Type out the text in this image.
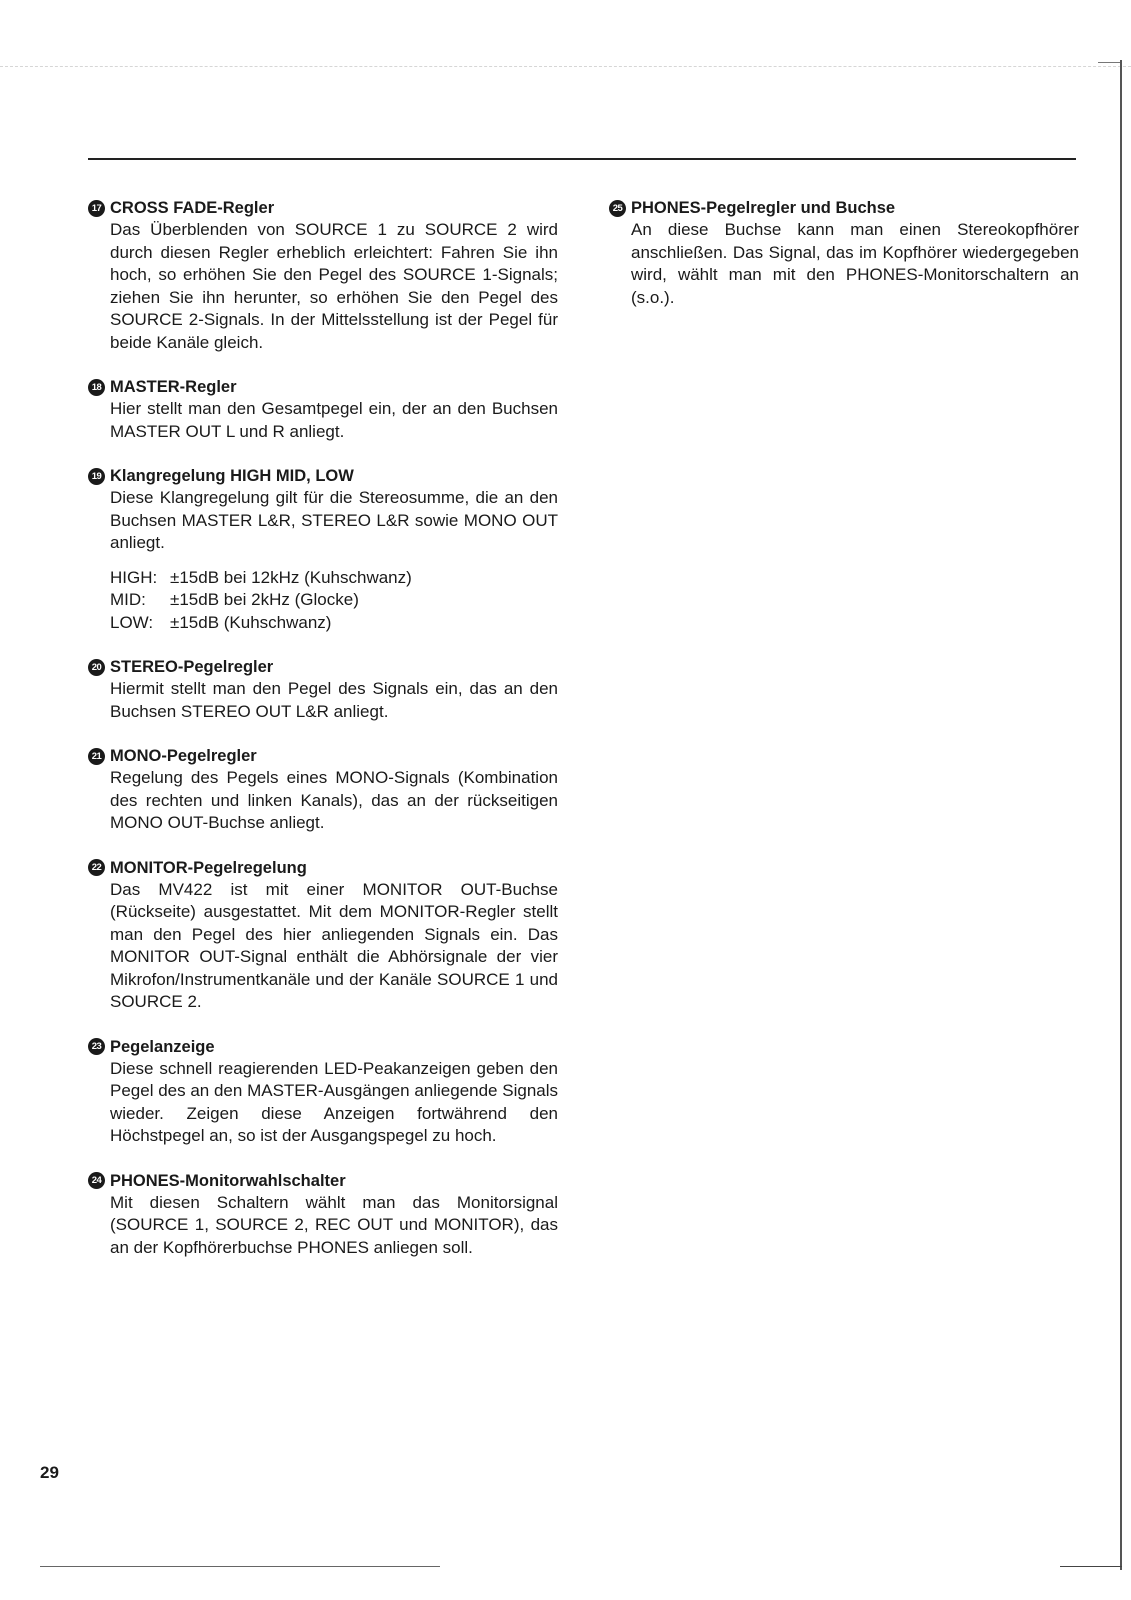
17 CROSS FADE-Regler
Das Überblenden von SOURCE 1 zu SOURCE 2 wird durch diesen Regler erheblich erleichtert: Fahren Sie ihn hoch, so erhöhen Sie den Pegel des SOURCE 1-Signals; ziehen Sie ihn herunter, so erhöhen Sie den Pegel des SOURCE 2-Signals. In der Mittelsstellung ist der Pegel für beide Kanäle gleich.
18 MASTER-Regler
Hier stellt man den Gesamtpegel ein, der an den Buchsen MASTER OUT L und R anliegt.
19 Klangregelung HIGH MID, LOW
Diese Klangregelung gilt für die Stereosumme, die an den Buchsen MASTER L&R, STEREO L&R sowie MONO OUT anliegt.
HIGH: ±15dB bei 12kHz (Kuhschwanz)
MID:	±15dB bei 2kHz (Glocke)
LOW: ±15dB (Kuhschwanz)
20 STEREO-Pegelregler
Hiermit stellt man den Pegel des Signals ein, das an den Buchsen STEREO OUT L&R anliegt.
21 MONO-Pegelregler
Regelung des Pegels eines MONO-Signals (Kombination des rechten und linken Kanals), das an der rückseitigen MONO OUT-Buchse anliegt.
22 MONITOR-Pegelregelung
Das MV422 ist mit einer MONITOR OUT-Buchse (Rückseite) ausgestattet. Mit dem MONITOR-Regler stellt man den Pegel des hier anliegenden Signals ein. Das MONITOR OUT-Signal enthält die Abhörsignale der vier Mikrofon/Instrumentkanäle und der Kanäle SOURCE 1 und SOURCE 2.
23 Pegelanzeige
Diese schnell reagierenden LED-Peakanzeigen geben den Pegel des an den MASTER-Ausgängen anliegende Signals wieder. Zeigen diese Anzeigen fortwährend den Höchstpegel an, so ist der Ausgangspegel zu hoch.
24 PHONES-Monitorwahlschalter
Mit diesen Schaltern wählt man das Monitorsignal (SOURCE 1, SOURCE 2, REC OUT und MONITOR), das an der Kopfhörerbuchse PHONES anliegen soll.
25 PHONES-Pegelregler und Buchse
An diese Buchse kann man einen Stereokopfhörer anschließen. Das Signal, das im Kopfhörer wiedergegeben wird, wählt man mit den PHONES-Monitorschaltern an (s.o.).
29
